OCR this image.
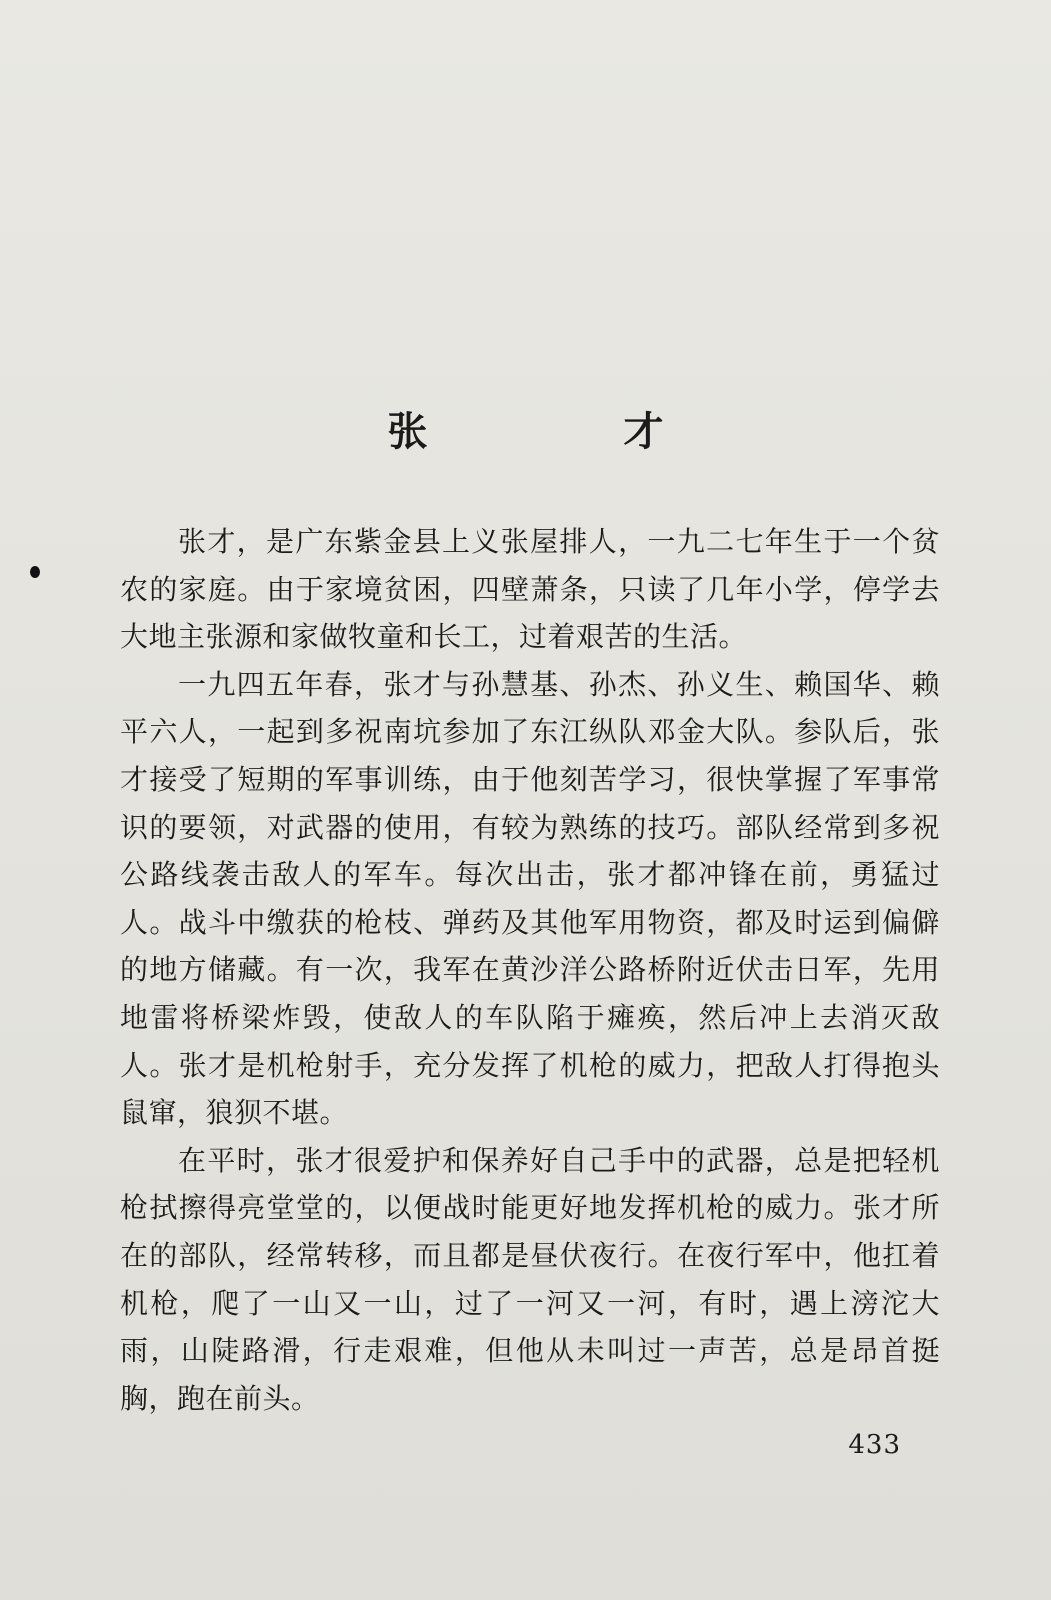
张　才

张才，是广东紫金县上义张屋排人，一九二七年生于一个贫农的家庭。由于家境贫困，四壁萧条，只读了几年小学，停学去大地主张源和家做牧童和长工，过着艰苦的生活。

一九四五年春，张才与孙慧基、孙杰、孙义生、赖国华、赖平六人，一起到多祝南坑参加了东江纵队邓金大队。参队后，张才接受了短期的军事训练，由于他刻苦学习，很快掌握了军事常识的要领，对武器的使用，有较为熟练的技巧。部队经常到多祝公路线袭击敌人的军车。每次出击，张才都冲锋在前，勇猛过人。战斗中缴获的枪枝、弹药及其他军用物资，都及时运到偏僻的地方储藏。有一次，我军在黄沙洋公路桥附近伏击日军，先用地雷将桥梁炸毁，使敌人的车队陷于瘫痪，然后冲上去消灭敌人。张才是机枪射手，充分发挥了机枪的威力，把敌人打得抱头鼠窜，狼狈不堪。

在平时，张才很爱护和保养好自己手中的武器，总是把轻机枪拭擦得亮堂堂的，以便战时能更好地发挥机枪的威力。张才所在的部队，经常转移，而且都是昼伏夜行。在夜行军中，他扛着机枪，爬了一山又一山，过了一河又一河，有时，遇上滂沱大雨，山陡路滑，行走艰难，但他从未叫过一声苦，总是昂首挺胸，跑在前头。

433
